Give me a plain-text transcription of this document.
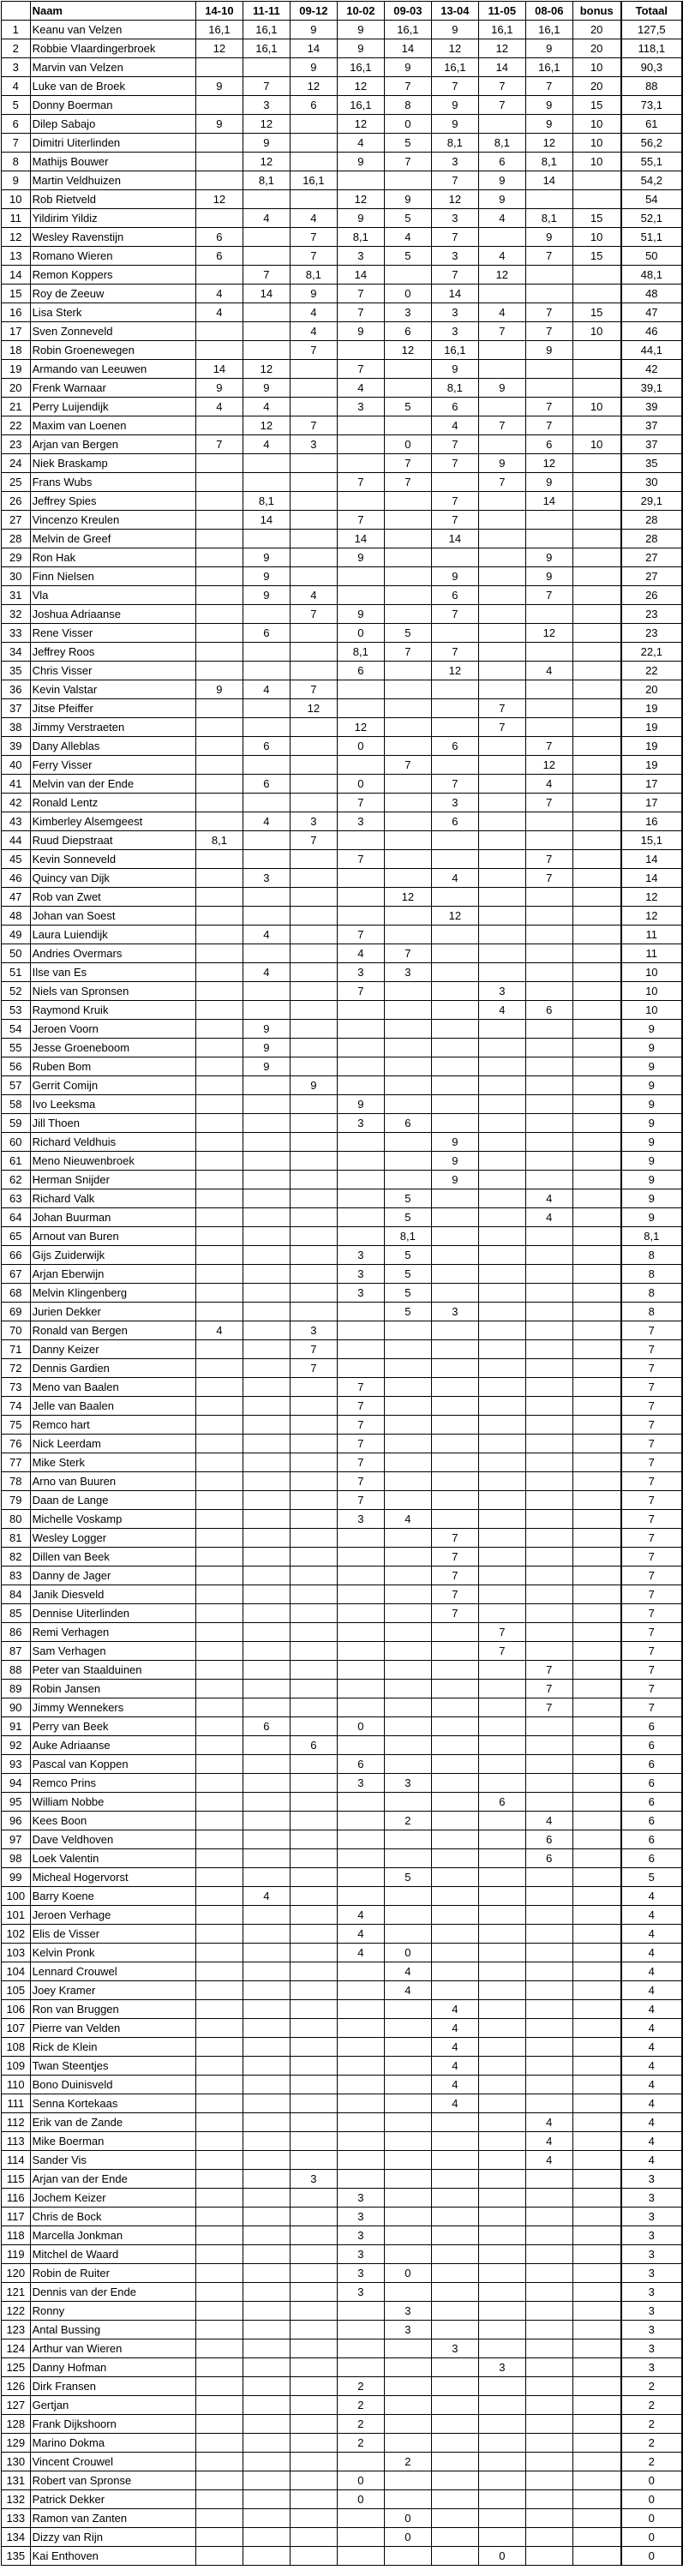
	Naam	14-10	11-11	09-12	10-02	09-03	13-04	11-05	08-06	bonus	Totaal
1	Keanu van Velzen	16,1	16,1	9	9	16,1	9	16,1	16,1	20	127,5
2	Robbie Vlaardingerbroek	12	16,1	14	9	14	12	12	9	20	118,1
3	Marvin van Velzen			9	16,1	9	16,1	14	16,1	10	90,3
4	Luke van de Broek	9	7	12	12	7	7	7	7	20	88
5	Donny Boerman		3	6	16,1	8	9	7	9	15	73,1
6	Dilep Sabajo	9	12		12	0	9		9	10	61
7	Dimitri Uiterlinden		9		4	5	8,1	8,1	12	10	56,2
8	Mathijs Bouwer		12		9	7	3	6	8,1	10	55,1
9	Martin Veldhuizen		8,1	16,1			7	9	14		54,2
10	Rob Rietveld	12			12	9	12	9			54
11	Yildirim Yildiz		4	4	9	5	3	4	8,1	15	52,1
12	Wesley Ravenstijn	6		7	8,1	4	7		9	10	51,1
13	Romano Wieren	6		7	3	5	3	4	7	15	50
14	Remon Koppers		7	8,1	14		7	12			48,1
15	Roy de Zeeuw	4	14	9	7	0	14				48
16	Lisa Sterk	4		4	7	3	3	4	7	15	47
17	Sven Zonneveld			4	9	6	3	7	7	10	46
18	Robin Groenewegen			7		12	16,1		9		44,1
19	Armando van Leeuwen	14	12		7		9				42
20	Frenk Warnaar	9	9		4		8,1	9			39,1
21	Perry Luijendijk	4	4		3	5	6		7	10	39
22	Maxim van Loenen		12	7			4	7	7		37
23	Arjan van Bergen	7	4	3		0	7		6	10	37
24	Niek Braskamp					7	7	9	12		35
25	Frans Wubs				7	7		7	9		30
26	Jeffrey Spies		8,1				7		14		29,1
27	Vincenzo Kreulen		14		7		7				28
28	Melvin de Greef				14		14				28
29	Ron Hak		9		9				9		27
30	Finn Nielsen		9				9		9		27
31	Vla		9	4			6		7		26
32	Joshua Adriaanse			7	9		7				23
33	Rene Visser		6		0	5			12		23
34	Jeffrey Roos				8,1	7	7				22,1
35	Chris Visser				6		12		4		22
36	Kevin Valstar	9	4	7							20
37	Jitse Pfeiffer			12				7			19
38	Jimmy Verstraeten				12			7			19
39	Dany Alleblas		6		0		6		7		19
40	Ferry Visser					7			12		19
41	Melvin van der Ende		6		0		7		4		17
42	Ronald Lentz				7		3		7		17
43	Kimberley Alsemgeest		4	3	3		6				16
44	Ruud Diepstraat	8,1		7							15,1
45	Kevin Sonneveld				7				7		14
46	Quincy van Dijk		3				4		7		14
47	Rob van Zwet					12					12
48	Johan van Soest						12				12
49	Laura Luiendijk		4		7						11
50	Andries Overmars				4	7					11
51	Ilse van Es		4		3	3					10
52	Niels van Spronsen				7			3			10
53	Raymond Kruik							4	6		10
54	Jeroen Voorn		9								9
55	Jesse Groeneboom		9								9
56	Ruben Bom		9								9
57	Gerrit Comijn			9							9
58	Ivo Leeksma				9						9
59	Jill Thoen				3	6					9
60	Richard Veldhuis						9				9
61	Meno Nieuwenbroek						9				9
62	Herman Snijder						9				9
63	Richard Valk					5			4		9
64	Johan Buurman					5			4		9
65	Arnout van Buren					8,1					8,1
66	Gijs Zuiderwijk				3	5					8
67	Arjan Eberwijn				3	5					8
68	Melvin Klingenberg				3	5					8
69	Jurien Dekker					5	3				8
70	Ronald van Bergen	4		3							7
71	Danny Keizer			7							7
72	Dennis Gardien			7							7
73	Meno van Baalen				7						7
74	Jelle van Baalen				7						7
75	Remco hart				7						7
76	Nick Leerdam				7						7
77	Mike Sterk				7						7
78	Arno van Buuren				7						7
79	Daan de Lange				7						7
80	Michelle Voskamp				3	4					7
81	Wesley Logger						7				7
82	Dillen van Beek						7				7
83	Danny de Jager						7				7
84	Janik Diesveld						7				7
85	Dennise Uiterlinden						7				7
86	Remi Verhagen							7			7
87	Sam Verhagen							7			7
88	Peter van Staalduinen								7		7
89	Robin Jansen								7		7
90	Jimmy Wennekers								7		7
91	Perry van Beek		6		0						6
92	Auke Adriaanse			6							6
93	Pascal van Koppen				6						6
94	Remco Prins				3	3					6
95	William Nobbe							6			6
96	Kees Boon					2			4		6
97	Dave Veldhoven								6		6
98	Loek Valentin								6		6
99	Micheal Hogervorst					5					5
100	Barry Koene		4								4
101	Jeroen Verhage				4						4
102	Elis de Visser				4						4
103	Kelvin Pronk				4	0					4
104	Lennard Crouwel					4					4
105	Joey Kramer					4					4
106	Ron van Bruggen						4				4
107	Pierre van Velden						4				4
108	Rick de Klein						4				4
109	Twan Steentjes						4				4
110	Bono Duinisveld						4				4
111	Senna Kortekaas						4				4
112	Erik van de Zande								4		4
113	Mike Boerman								4		4
114	Sander Vis								4		4
115	Arjan van der Ende			3							3
116	Jochem Keizer				3						3
117	Chris de Bock				3						3
118	Marcella Jonkman				3						3
119	Mitchel de Waard				3						3
120	Robin de Ruiter				3	0					3
121	Dennis van der Ende				3						3
122	Ronny					3					3
123	Antal Bussing					3					3
124	Arthur van Wieren						3				3
125	Danny Hofman							3			3
126	Dirk Fransen				2						2
127	Gertjan				2						2
128	Frank Dijkshoorn				2						2
129	Marino Dokma				2						2
130	Vincent Crouwel					2					2
131	Robert van Spronse				0						0
132	Patrick Dekker				0						0
133	Ramon van Zanten					0					0
134	Dizzy van Rijn					0					0
135	Kai Enthoven							0			0
